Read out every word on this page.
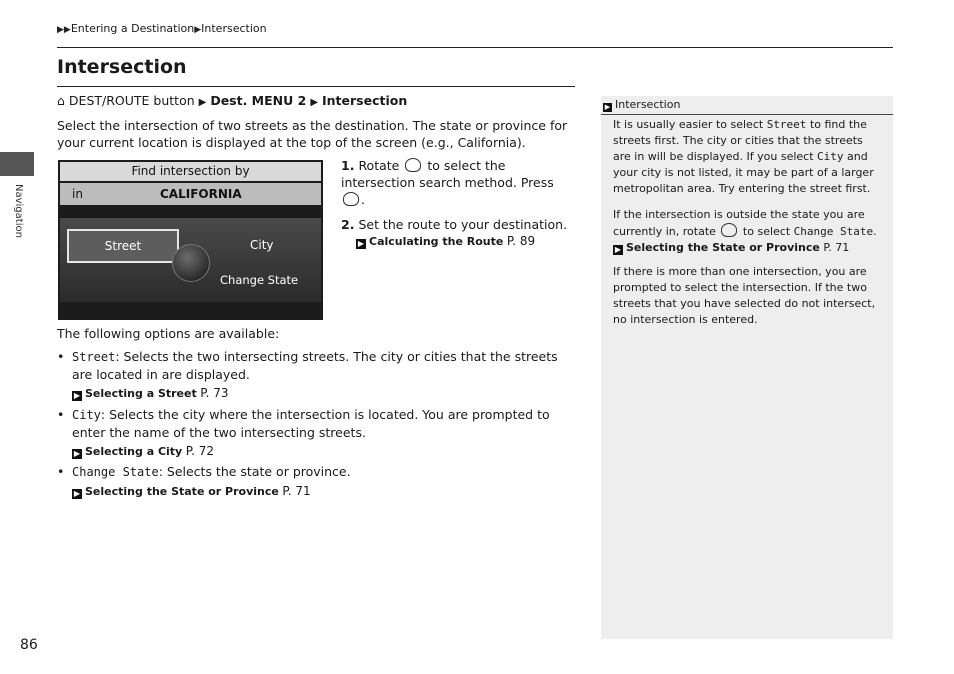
▶▶Entering a Destination▶Intersection
Intersection
⌂ DEST/ROUTE button ▶ Dest. MENU 2 ▶ Intersection
Select the intersection of two streets as the destination. The state or province for your current location is displayed at the top of the screen (e.g., California).
Navigation
Find intersection by
in	CALIFORNIA
Street	City
Change State
1. Rotate to select the intersection search method. Press .
2. Set the route to your destination.
▶ Calculating the Route P. 89
The following options are available:
• Street: Selects the two intersecting streets. The city or cities that the streets are located in are displayed.
▶ Selecting a Street P. 73
• City: Selects the city where the intersection is located. You are prompted to enter the name of the two intersecting streets.
▶ Selecting a City P. 72
• Change State: Selects the state or province.
▶ Selecting the State or Province P. 71
86
▶ Intersection
It is usually easier to select Street to find the streets first. The city or cities that the streets are in will be displayed. If you select City and your city is not listed, it may be part of a larger metropolitan area. Try entering the street first.
If the intersection is outside the state you are currently in, rotate to select Change State.
▶ Selecting the State or Province P. 71
If there is more than one intersection, you are prompted to select the intersection. If the two streets that you have selected do not intersect, no intersection is entered.
